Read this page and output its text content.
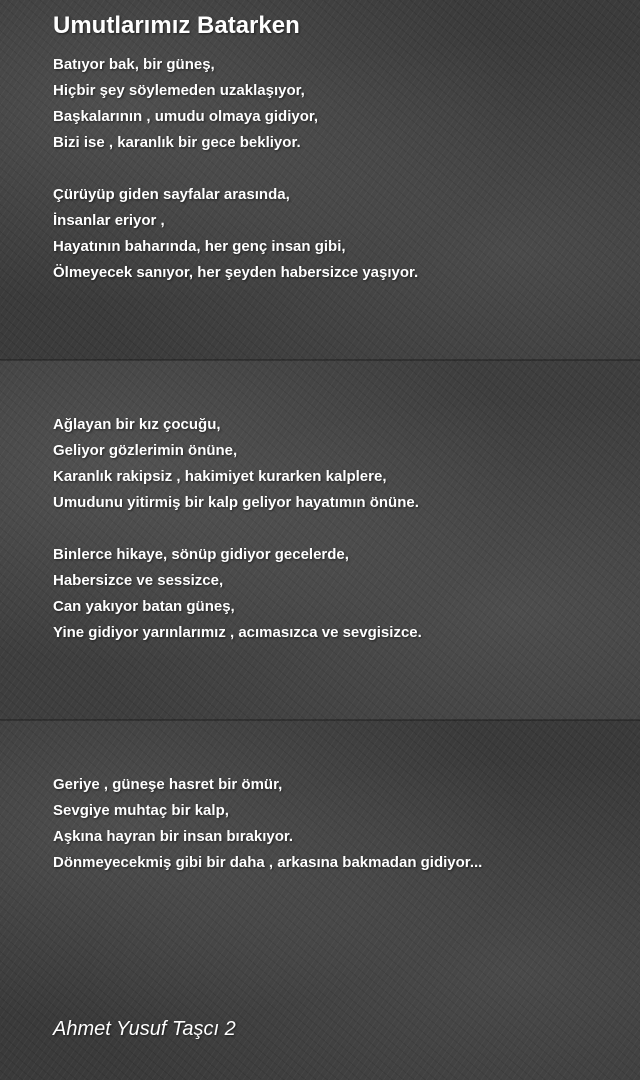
Umutlarımız Batarken
Batıyor bak, bir güneş,
Hiçbir şey söylemeden uzaklaşıyor,
Başkalarının , umudu olmaya gidiyor,
Bizi ise , karanlık bir gece bekliyor.
Çürüyüp giden sayfalar arasında,
İnsanlar eriyor ,
Hayatının baharında, her genç insan gibi,
Ölmeyecek sanıyor, her şeyden habersizce yaşıyor.
Ağlayan bir kız çocuğu,
Geliyor gözlerimin önüne,
Karanlık rakipsiz , hakimiyet kurarken kalplere,
Umudunu yitirmiş bir kalp geliyor hayatımın önüne.
Binlerce hikaye, sönüp gidiyor gecelerde,
Habersizce ve sessizce,
Can yakıyor batan güneş,
Yine gidiyor yarınlarımız , acımasızca ve sevgisizce.
Geriye , güneşe hasret bir ömür,
Sevgiye muhtaç bir kalp,
Aşkına hayran bir insan bırakıyor.
Dönmeyecekmiş gibi bir daha , arkasına bakmadan gidiyor...

Ahmet Yusuf Taşcı 2
